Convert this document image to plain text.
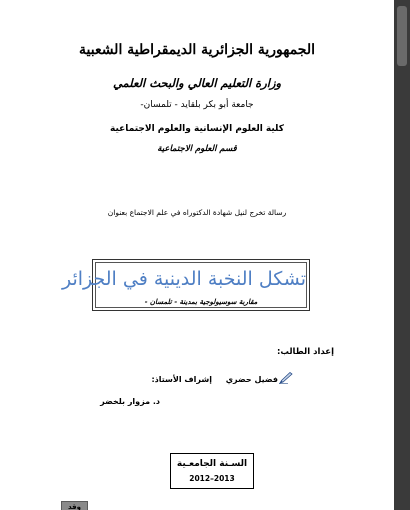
الجمهورية الجزائرية الديمقراطية الشعبية
وزارة التعليم العالي والبحث العلمي
جامعة أبو بكر بلقايد - تلمسان-
كلية العلوم الإنسانية والعلوم الاجتماعية
قسم العلوم الاجتماعية
رسالة تخرج لنيل شهادة الدكتوراه في علم الاجتماع بعنوان
تشكل النخبة الدينية في الجزائر
مقاربة سوسيولوجية بمدينة - تلمسان -
إعداد الطالب:
فضيل حضري
إشراف الأستاذ:
د. مزوار بلخضر
السـنة الجامعـية
2012–2013
وقد
